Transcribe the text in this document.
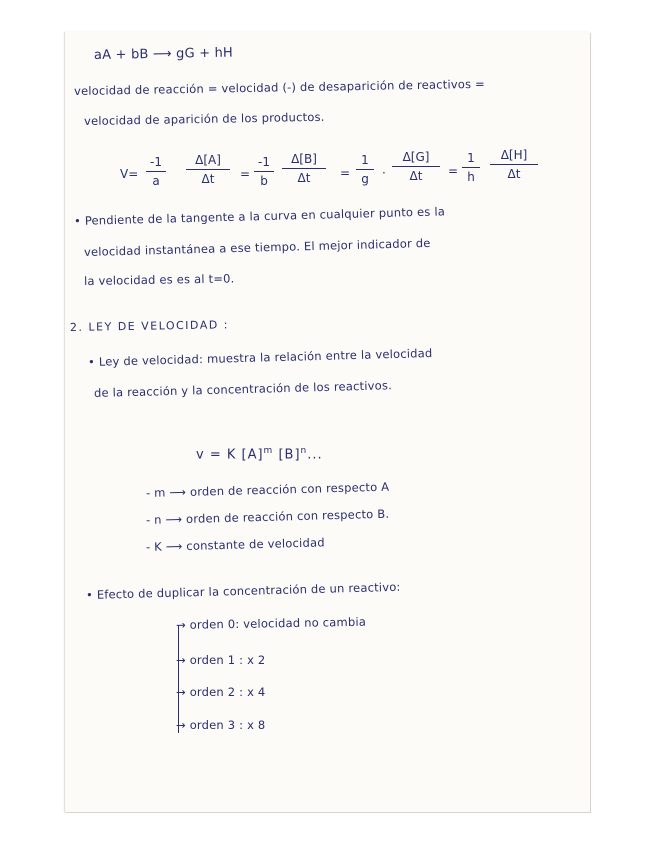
aA + bB ⟶ gG + hH
velocidad de reacción = velocidad (-) de desaparición de reactivos =
velocidad de aparición de los productos.
V=
-1
a
Δ[A]
Δt	=
-1
b
Δ[B]
Δt	=
1
g	·
Δ[G]
Δt	=
1
h
Δ[H]
Δt
• Pendiente de la tangente a la curva en cualquier punto es la
velocidad instantánea a ese tiempo. El mejor indicador de
la velocidad es es al t=0.
2. LEY DE VELOCIDAD :
• Ley de velocidad: muestra la relación entre la velocidad
de la reacción y la concentración de los reactivos.
v = K $[A]^m$ $[B]^n$...
- m ⟶ orden de reacción con respecto A
- n ⟶ orden de reacción con respecto B.
- K ⟶ constante de velocidad
• Efecto de duplicar la concentración de un reactivo:
→ orden 0: velocidad no cambia
→ orden 1 : x 2
→ orden 2 : x 4
→ orden 3 : x 8
